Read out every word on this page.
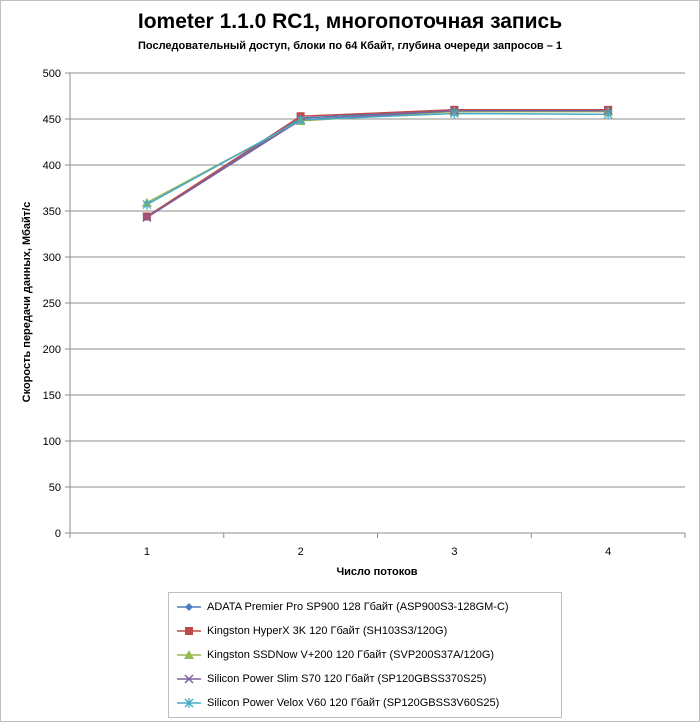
Iometer 1.1.0 RC1, многопоточная запись
Последовательный доступ, блоки по 64 Кбайт, глубина очереди запросов – 1
0
50
100
150
200
250
300
350
400
450
500
1	2	3	4
Число потоков
Скорость передачи данных, Мбайт/с
ADATA Premier Pro SP900 128 Гбайт (ASP900S3-128GM-C)
Kingston HyperX 3K 120 Гбайт (SH103S3/120G)
Kingston SSDNow V+200 120 Гбайт (SVP200S37A/120G)
Silicon Power Slim S70 120 Гбайт (SP120GBSS370S25)
Silicon Power Velox V60 120 Гбайт (SP120GBSS3V60S25)
